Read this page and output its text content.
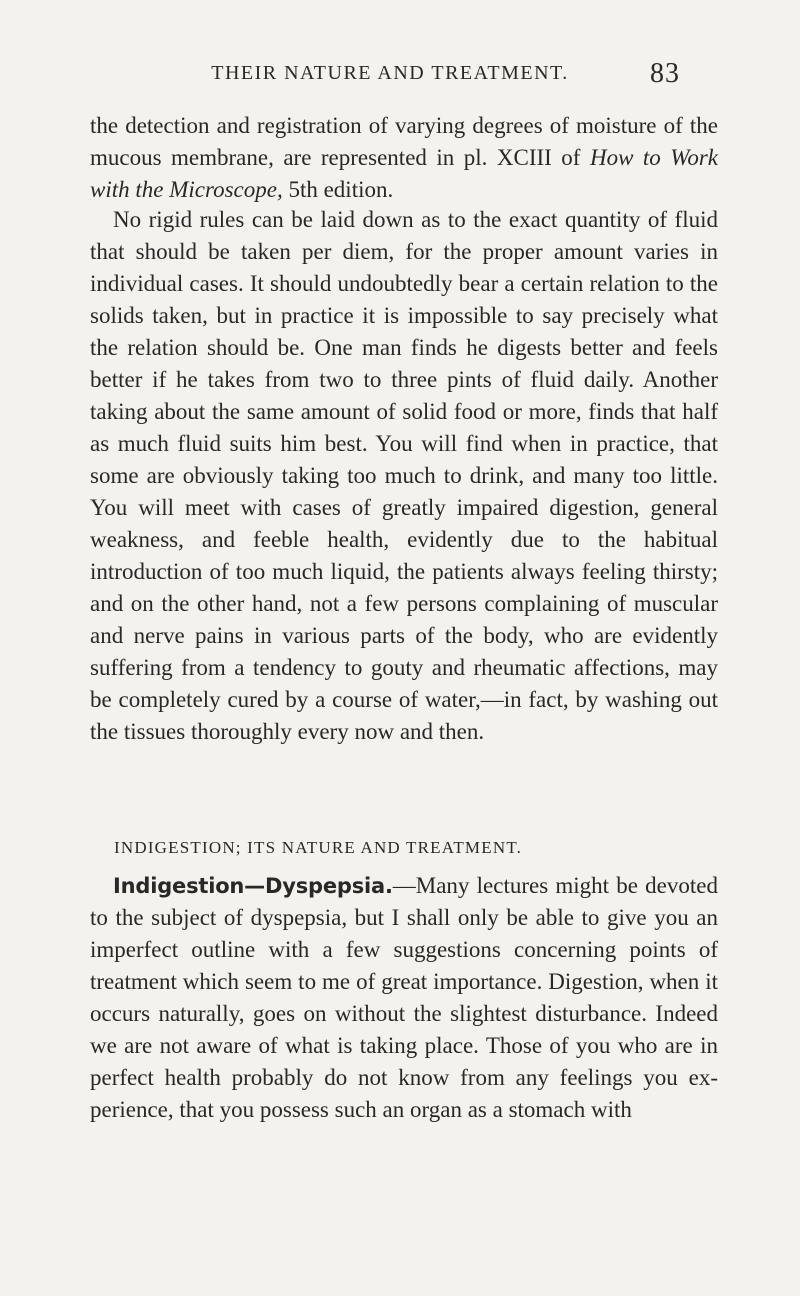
THEIR NATURE AND TREATMENT.	83

the detection and registration of varying degrees of moisture of the mucous membrane, are represented in pl. XCIII of How to Work with the Microscope, 5th edition.

No rigid rules can be laid down as to the exact quantity of fluid that should be taken per diem, for the proper amount varies in individual cases. It should undoubtedly bear a certain relation to the solids taken, but in practice it is impossible to say precisely what the relation should be. One man finds he digests better and feels better if he takes from two to three pints of fluid daily. Another taking about the same amount of solid food or more, finds that half as much fluid suits him best. You will find when in practice, that some are obviously taking too much to drink, and many too little. You will meet with cases of greatly impaired digestion, general weakness, and feeble health, evidently due to the habitual introduction of too much liquid, the patients always feeling thirsty; and on the other hand, not a few persons complaining of muscular and nerve pains in various parts of the body, who are evidently suffering from a tendency to gouty and rheumatic affections, may be completely cured by a course of water,—in fact, by washing out the tissues thoroughly every now and then.

INDIGESTION; ITS NATURE AND TREATMENT.

Indigestion—Dyspepsia.—Many lectures might be devoted to the subject of dyspepsia, but I shall only be able to give you an imperfect outline with a few suggestions concerning points of treatment which seem to me of great importance. Digestion, when it occurs naturally, goes on without the slightest disturbance. Indeed we are not aware of what is taking place. Those of you who are in perfect health probably do not know from any feelings you experience, that you possess such an organ as a stomach with
